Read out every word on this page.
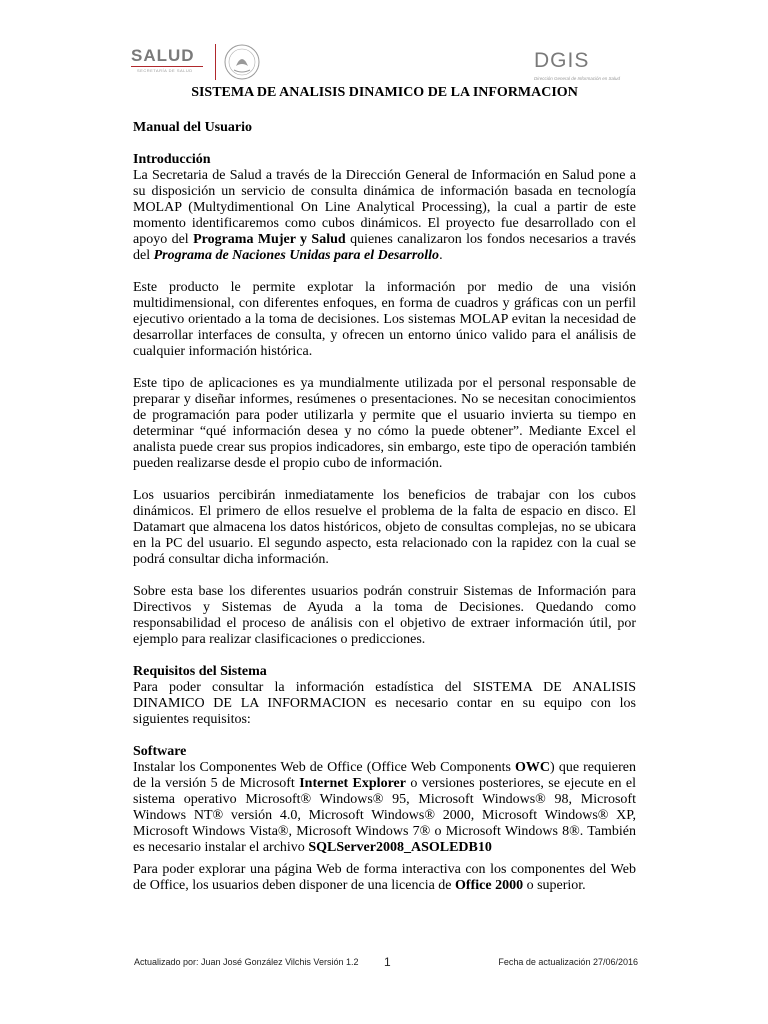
SALUD
SECRETARÍA DE SALUD	DGIS
Dirección General de Información en Salud
SISTEMA DE ANALISIS DINAMICO DE LA INFORMACION
Manual del Usuario
Introducción

La Secretaria de Salud a través de la Dirección General de Información en Salud pone a su disposición un servicio de consulta dinámica de información basada en tecnología MOLAP (Multydimentional On Line Analytical Processing), la cual a partir de este momento identificaremos como cubos dinámicos. El proyecto fue desarrollado con el apoyo del Programa Mujer y Salud quienes canalizaron los fondos necesarios a través del Programa de Naciones Unidas para el Desarrollo.

Este producto le permite explotar la información por medio de una visión multidimensional, con diferentes enfoques, en forma de cuadros y gráficas con un perfil ejecutivo orientado a la toma de decisiones. Los sistemas MOLAP evitan la necesidad de desarrollar interfaces de consulta, y ofrecen un entorno único valido para el análisis de cualquier información histórica.

Este tipo de aplicaciones es ya mundialmente utilizada por el personal responsable de preparar y diseñar informes, resúmenes o presentaciones. No se necesitan conocimientos de programación para poder utilizarla y permite que el usuario invierta su tiempo en determinar “qué información desea y no cómo la puede obtener”. Mediante Excel el analista puede crear sus propios indicadores, sin embargo, este tipo de operación también pueden realizarse desde el propio cubo de información.

Los usuarios percibirán inmediatamente los beneficios de trabajar con los cubos dinámicos. El primero de ellos resuelve el problema de la falta de espacio en disco. El Datamart que almacena los datos históricos, objeto de consultas complejas, no se ubicara en la PC del usuario. El segundo aspecto, esta relacionado con la rapidez con la cual se podrá consultar dicha información.

Sobre esta base los diferentes usuarios podrán construir Sistemas de Información para Directivos y Sistemas de Ayuda a la toma de Decisiones. Quedando como responsabilidad el proceso de análisis con el objetivo de extraer información útil, por ejemplo para realizar clasificaciones o predicciones.

Requisitos del Sistema

Para poder consultar la información estadística del SISTEMA DE ANALISIS DINAMICO DE LA INFORMACION es necesario contar en su equipo con los siguientes requisitos:

Software

Instalar los Componentes Web de Office (Office Web Components OWC) que requieren de la versión 5 de Microsoft Internet Explorer o versiones posteriores, se ejecute en el sistema operativo Microsoft® Windows® 95, Microsoft Windows® 98, Microsoft Windows NT® versión 4.0, Microsoft Windows® 2000, Microsoft Windows® XP, Microsoft Windows Vista®, Microsoft Windows 7® o Microsoft Windows 8®. También es necesario instalar el archivo SQLServer2008_ASOLEDB10

Para poder explorar una página Web de forma interactiva con los componentes del Web de Office, los usuarios deben disponer de una licencia de Office 2000 o superior.

Actualizado por: Juan José González Vilchis Versión 1.2 1	Fecha de actualización 27/06/2016
